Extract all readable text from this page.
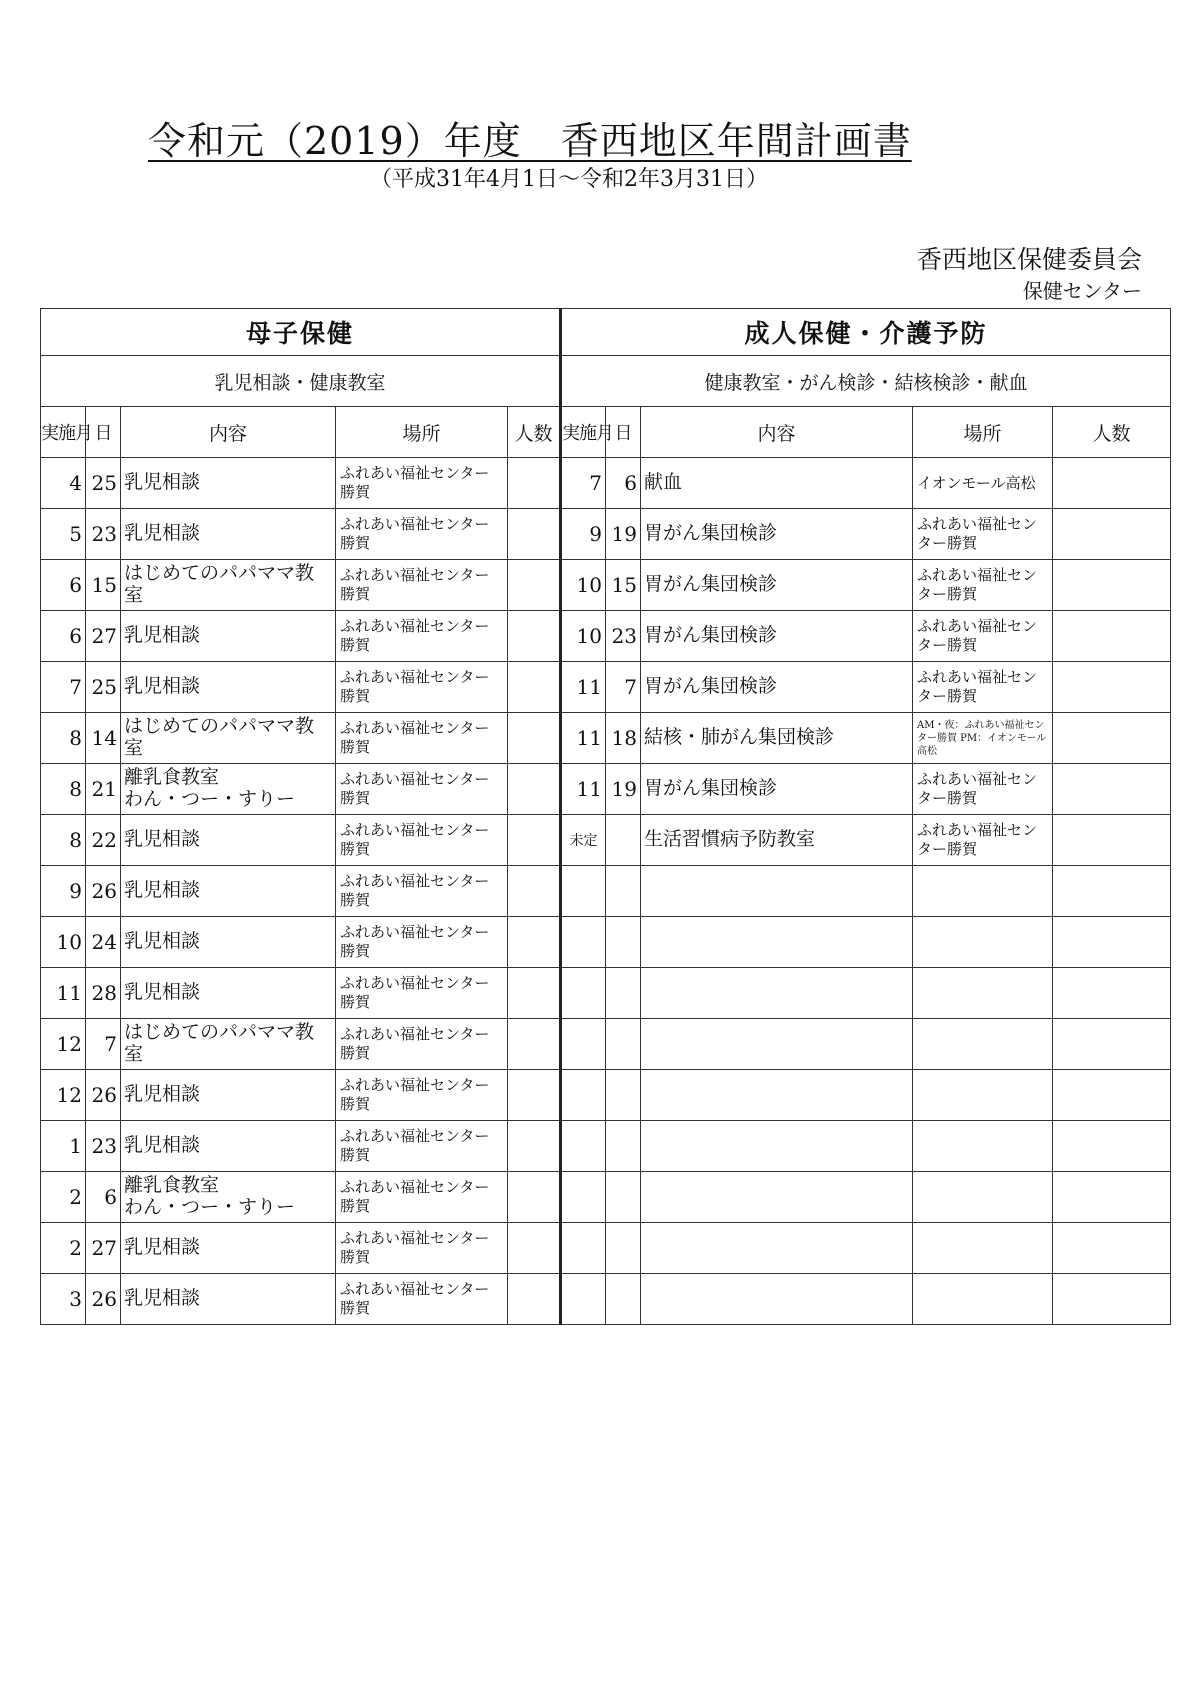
令和元（2019）年度　香西地区年間計画書
（平成31年4月1日～令和2年3月31日）
香西地区保健委員会
保健センター
母子保健					成人保健・介護予防				
乳児相談・健康教室					健康教室・がん検診・結核検診・献血				
実施月	日	内容	場所	人数	実施月	日	内容	場所	人数
4	25	乳児相談	ふれあい福祉センター勝賀		7	6	献血	イオンモール高松	
5	23	乳児相談	ふれあい福祉センター勝賀		9	19	胃がん集団検診	ふれあい福祉センター勝賀	
6	15	はじめてのパパママ教室	ふれあい福祉センター勝賀		10	15	胃がん集団検診	ふれあい福祉センター勝賀	
6	27	乳児相談	ふれあい福祉センター勝賀		10	23	胃がん集団検診	ふれあい福祉センター勝賀	
7	25	乳児相談	ふれあい福祉センター勝賀		11	7	胃がん集団検診	ふれあい福祉センター勝賀	
8	14	はじめてのパパママ教室	ふれあい福祉センター勝賀		11	18	結核・肺がん集団検診	AM・夜：ふれあい福祉センター勝賀 PM：イオンモール高松	
8	21	離乳食教室
わん・つー・すりー	ふれあい福祉センター勝賀		11	19	胃がん集団検診	ふれあい福祉センター勝賀	
8	22	乳児相談	ふれあい福祉センター勝賀		未定		生活習慣病予防教室	ふれあい福祉センター勝賀	
9	26	乳児相談	ふれあい福祉センター勝賀						
10	24	乳児相談	ふれあい福祉センター勝賀						
11	28	乳児相談	ふれあい福祉センター勝賀						
12	7	はじめてのパパママ教室	ふれあい福祉センター勝賀						
12	26	乳児相談	ふれあい福祉センター勝賀						
1	23	乳児相談	ふれあい福祉センター勝賀						
2	6	離乳食教室
わん・つー・すりー	ふれあい福祉センター勝賀						
2	27	乳児相談	ふれあい福祉センター勝賀						
3	26	乳児相談	ふれあい福祉センター勝賀						
